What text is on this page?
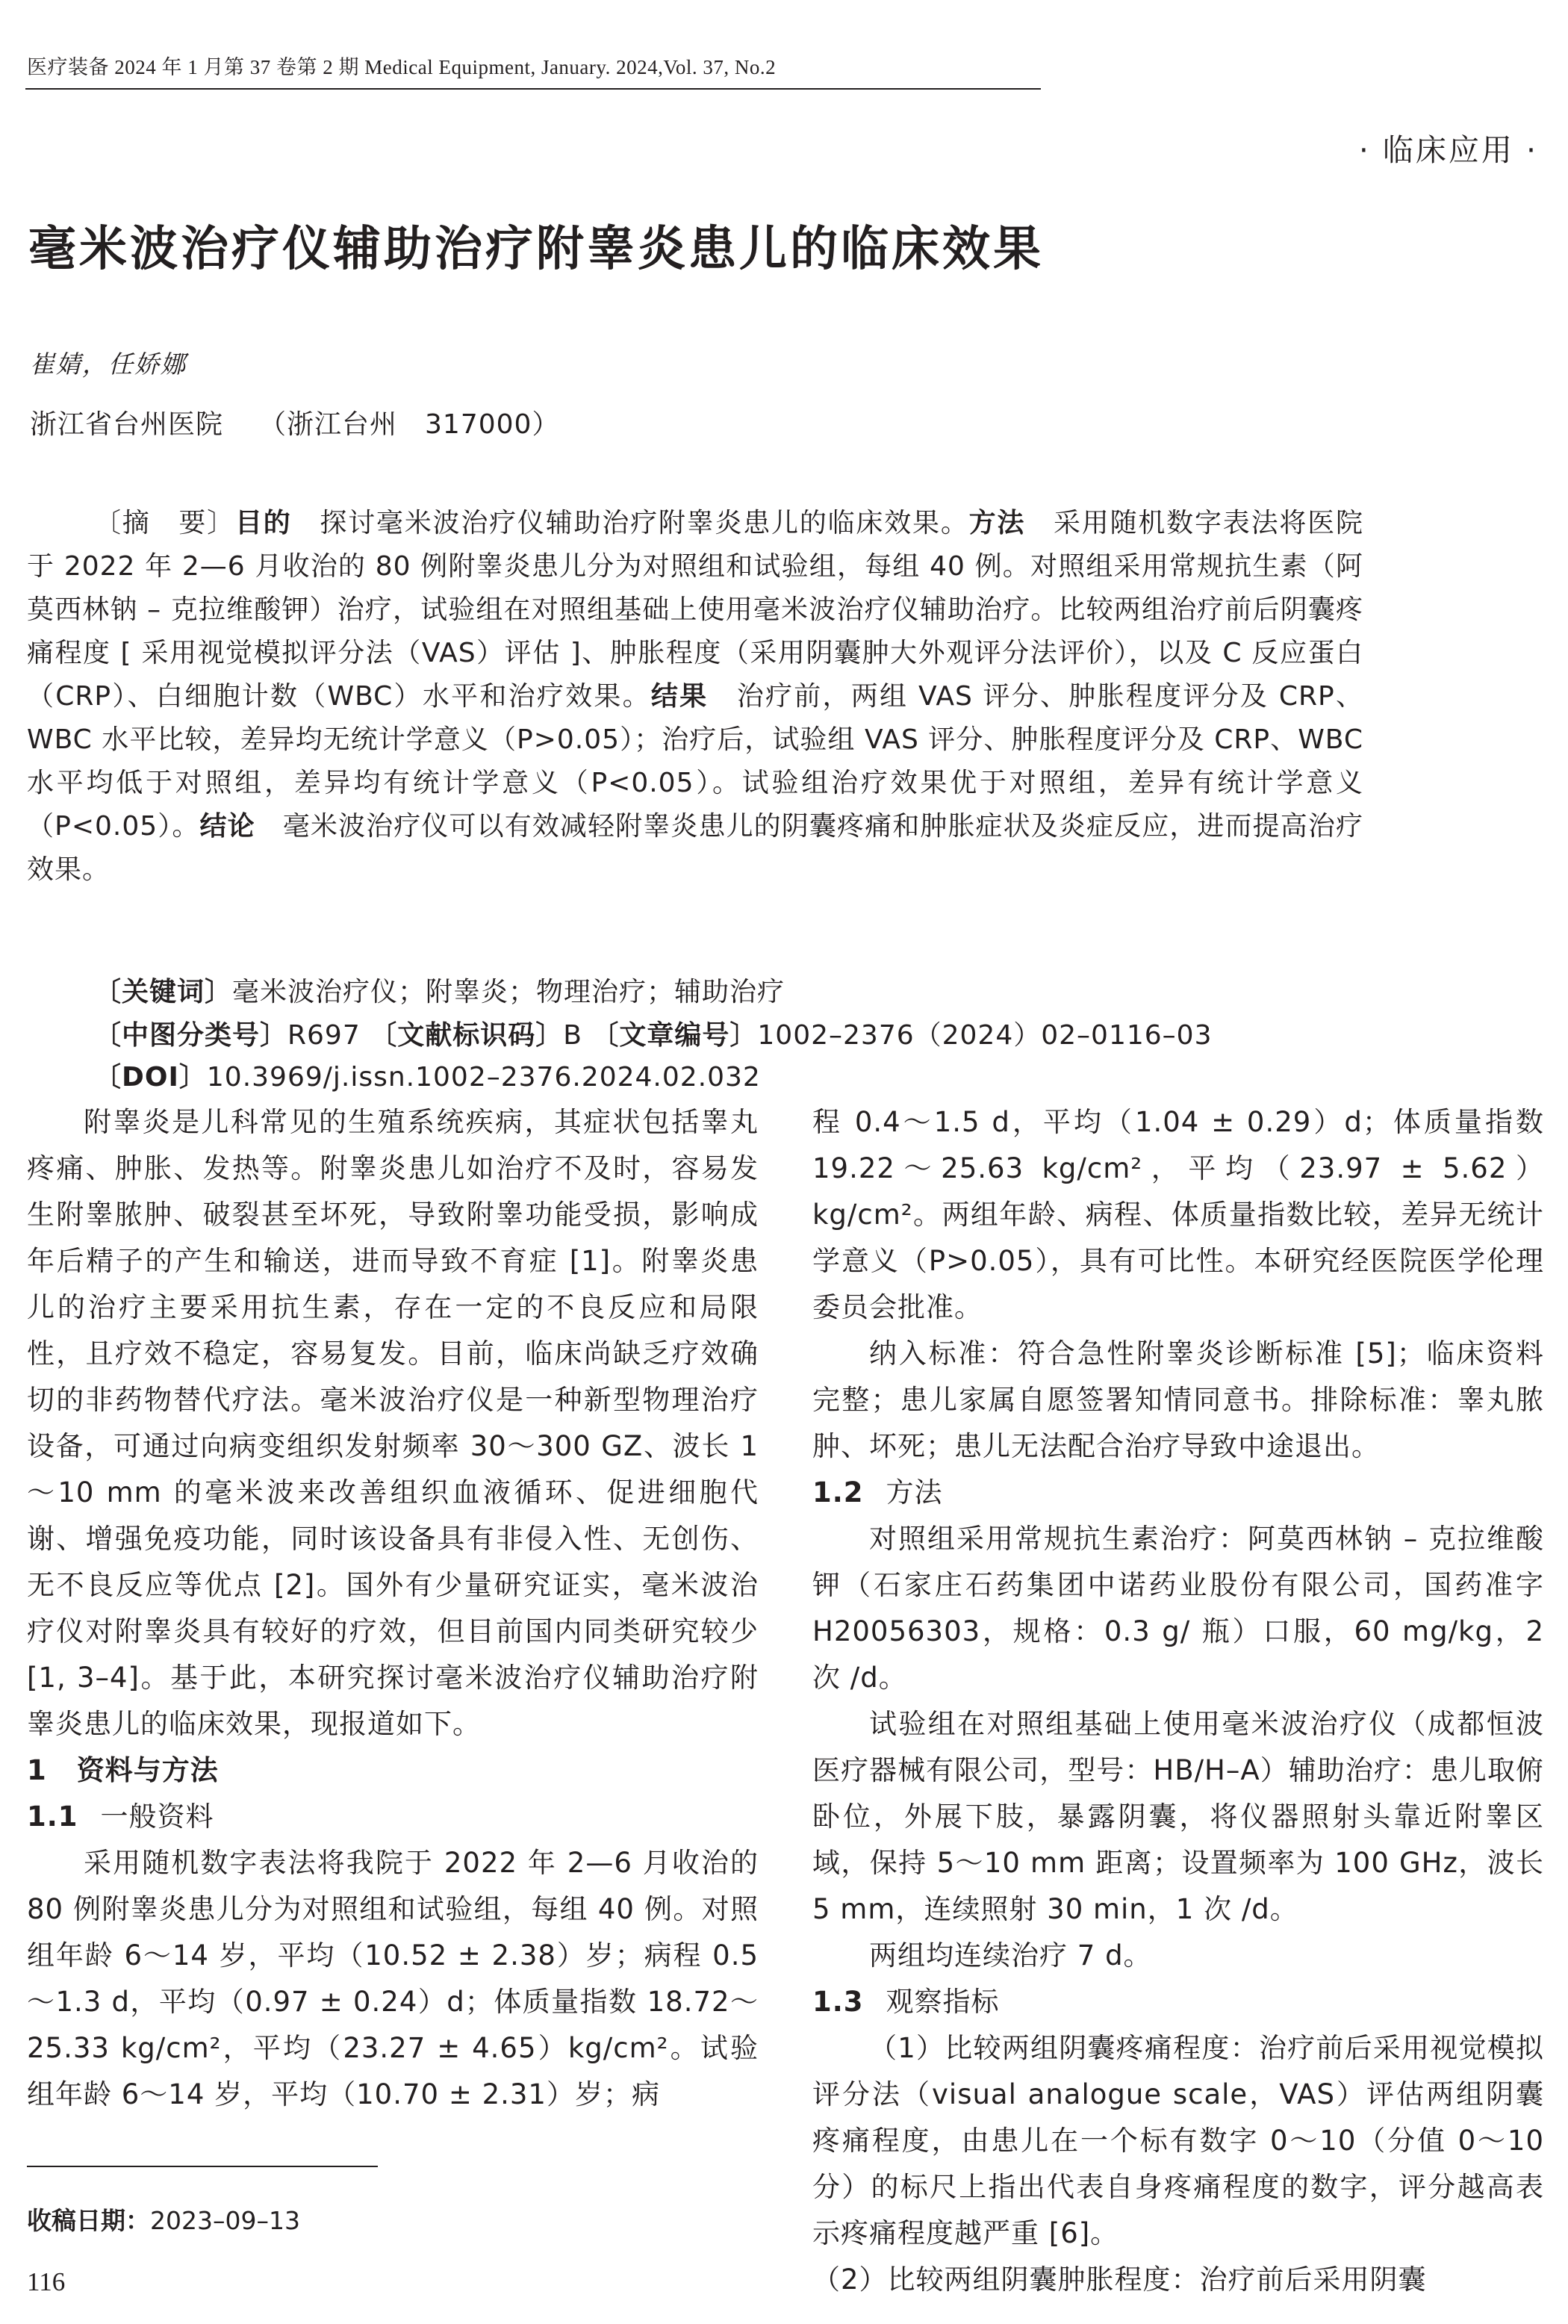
医疗装备 2024 年 1 月第 37 卷第 2 期 Medical Equipment, January. 2024,Vol. 37, No.2
· 临床应用 ·
毫米波治疗仪辅助治疗附睾炎患儿的临床效果
崔婧，任娇娜
浙江省台州医院 （浙江台州　317000）

〔摘　要〕目的　探讨毫米波治疗仪辅助治疗附睾炎患儿的临床效果。方法　采用随机数字表法将医院于 2022 年 2—6 月收治的 80 例附睾炎患儿分为对照组和试验组，每组 40 例。对照组采用常规抗生素（阿莫西林钠 – 克拉维酸钾）治疗，试验组在对照组基础上使用毫米波治疗仪辅助治疗。比较两组治疗前后阴囊疼痛程度 [ 采用视觉模拟评分法（VAS）评估 ]、肿胀程度（采用阴囊肿大外观评分法评价），以及 C 反应蛋白（CRP）、白细胞计数（WBC）水平和治疗效果。结果　治疗前，两组 VAS 评分、肿胀程度评分及 CRP、WBC 水平比较，差异均无统计学意义（P>0.05）；治疗后，试验组 VAS 评分、肿胀程度评分及 CRP、WBC 水平均低于对照组，差异均有统计学意义（P<0.05）。试验组治疗效果优于对照组，差异有统计学意义（P<0.05）。结论　毫米波治疗仪可以有效减轻附睾炎患儿的阴囊疼痛和肿胀症状及炎症反应，进而提高治疗效果。

〔关键词〕毫米波治疗仪；附睾炎；物理治疗；辅助治疗
〔中图分类号〕R697 〔文献标识码〕B 〔文章编号〕1002–2376（2024）02–0116–03
〔DOI〕10.3969/j.issn.1002–2376.2024.02.032

附睾炎是儿科常见的生殖系统疾病，其症状包括睾丸疼痛、肿胀、发热等。附睾炎患儿如治疗不及时，容易发生附睾脓肿、破裂甚至坏死，导致附睾功能受损，影响成年后精子的产生和输送，进而导致不育症 [1]。附睾炎患儿的治疗主要采用抗生素，存在一定的不良反应和局限性，且疗效不稳定，容易复发。目前，临床尚缺乏疗效确切的非药物替代疗法。毫米波治疗仪是一种新型物理治疗设备，可通过向病变组织发射频率 30～300 GZ、波长 1～10 mm 的毫米波来改善组织血液循环、促进细胞代谢、增强免疫功能，同时该设备具有非侵入性、无创伤、无不良反应等优点 [2]。国外有少量研究证实，毫米波治疗仪对附睾炎具有较好的疗效，但目前国内同类研究较少 [1, 3–4]。基于此，本研究探讨毫米波治疗仪辅助治疗附睾炎患儿的临床效果，现报道如下。

1 资料与方法
1.1 一般资料

采用随机数字表法将我院于 2022 年 2—6 月收治的 80 例附睾炎患儿分为对照组和试验组，每组 40 例。对照组年龄 6～14 岁，平均（10.52 ± 2.38）岁；病程 0.5～1.3 d，平均（0.97 ± 0.24）d；体质量指数 18.72～25.33 kg/cm²，平均（23.27 ± 4.65）kg/cm²。试验组年龄 6～14 岁，平均（10.70 ± 2.31）岁；病

程 0.4～1.5 d，平均（1.04 ± 0.29）d；体质量指数 19.22～25.63 kg/cm²，平均（23.97 ± 5.62）kg/cm²。两组年龄、病程、体质量指数比较，差异无统计学意义（P>0.05），具有可比性。本研究经医院医学伦理委员会批准。

纳入标准：符合急性附睾炎诊断标准 [5]；临床资料完整；患儿家属自愿签署知情同意书。排除标准：睾丸脓肿、坏死；患儿无法配合治疗导致中途退出。

1.2 方法

对照组采用常规抗生素治疗：阿莫西林钠 – 克拉维酸钾（石家庄石药集团中诺药业股份有限公司，国药准字 H20056303，规格：0.3 g/ 瓶）口服，60 mg/kg，2 次 /d。

试验组在对照组基础上使用毫米波治疗仪（成都恒波医疗器械有限公司，型号：HB/H–A）辅助治疗：患儿取俯卧位，外展下肢，暴露阴囊，将仪器照射头靠近附睾区域，保持 5～10 mm 距离；设置频率为 100 GHz，波长 5 mm，连续照射 30 min，1 次 /d。

两组均连续治疗 7 d。

1.3 观察指标

（1）比较两组阴囊疼痛程度：治疗前后采用视觉模拟评分法（visual analogue scale，VAS）评估两组阴囊疼痛程度，由患儿在一个标有数字 0～10（分值 0～10 分）的标尺上指出代表自身疼痛程度的数字，评分越高表示疼痛程度越严重 [6]。

（2）比较两组阴囊肿胀程度：治疗前后采用阴囊

收稿日期：2023–09–13
116
